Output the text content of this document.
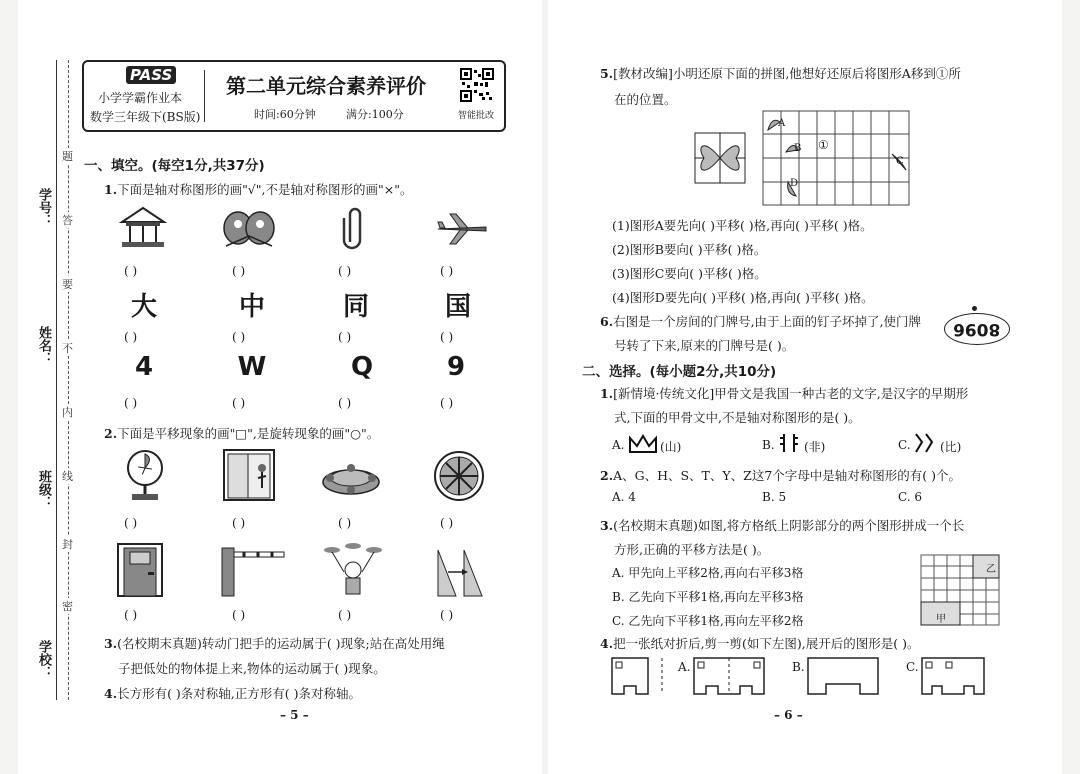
学校：
班级：
姓名：
学号：
题
答
要
不
内
线
封
密
PASS
小学学霸作业本
数学三年级下(BS版)
第二单元综合素养评价
时间:60分钟	满分:100分	智能批改
一、填空。(每空1分,共37分)
1.下面是轴对称图形的画"√",不是轴对称图形的画"×"。
( )	( )	( )	( )
大	中	同	国
( )	( )	( )	( )
4	W	Q	9
( )	( )	( )	( )
2.下面是平移现象的画"□",是旋转现象的画"○"。
( )	( )	( )	( )
( )	( )	( )	( )
3.(名校期末真题)转动门把手的运动属于( )现象;站在高处用绳
子把低处的物体提上来,物体的运动属于( )现象。
4.长方形有( )条对称轴,正方形有( )条对称轴。
– 5 –
5.[教材改编]小明还原下面的拼图,他想好还原后将图形A移到①所
在的位置。
A
B ①
C
D
(1)图形A要先向( )平移( )格,再向( )平移( )格。
(2)图形B要向( )平移( )格。
(3)图形C要向( )平移( )格。
(4)图形D要先向( )平移( )格,再向( )平移( )格。
6.右图是一个房间的门牌号,由于上面的钉子坏掉了,使门牌
号转了下来,原来的门牌号是( )。
8096
二、选择。(每小题2分,共10分)
1.[新情境·传统文化]甲骨文是我国一种古老的文字,是汉字的早期形
式,下面的甲骨文中,不是轴对称图形的是( )。
A.	(山)	B. (非)	C. (比)
2.A、G、H、S、T、Y、Z这7个字母中是轴对称图形的有( )个。
A. 4	B. 5	C. 6
3.(名校期末真题)如图,将方格纸上阴影部分的两个图形拼成一个长
方形,正确的平移方法是( )。
A. 甲先向上平移2格,再向右平移3格
B. 乙先向下平移1格,再向左平移3格
C. 乙先向下平移1格,再向左平移2格
乙
甲
4.把一张纸对折后,剪一剪(如下左图),展开后的图形是( )。
A.	B.	C.
– 6 –
